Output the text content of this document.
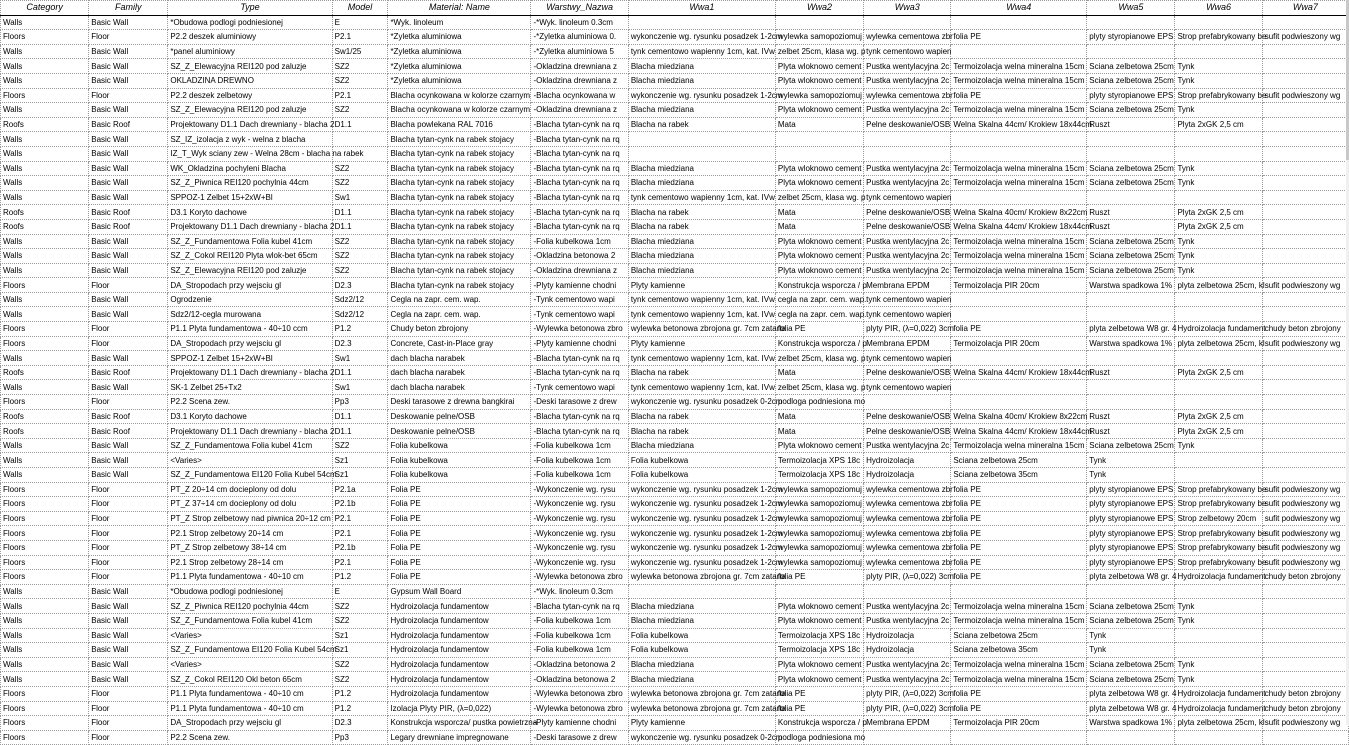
Category	Family	Type	Model	Material: Name	Warstwy_Nazwa	Wwa1	Wwa2	Wwa3	Wwa4	Wwa5	Wwa6	Wwa7
Walls	Basic Wall	*Obudowa podlogi podniesionej	E	*Wyk. linoleum	-*Wyk. linoleum 0.3cm							
Floors	Floor	P2.2 deszek aluminiowy	P2.1	*Zyletka aluminiowa	-*Zyletka aluminiowa 0.	wykonczenie wg. rysunku posadzek 1-2cm	wylewka samopoziomuj	wylewka cementowa zbr	folia PE	plyty styropianowe EPS	Strop prefabrykowany be	sufit podwieszony wg
Walls	Basic Wall	*panel aluminiowy	Sw1/25	*Zyletka aluminiowa	-*Zyletka aluminiowa 5	tynk cementowo wapienny 1cm, kat. IVw	zelbet 25cm, klasa wg. p	tynk cementowo wapien				
Walls	Basic Wall	SZ_Z_Elewacyjna REI120 pod zaluzje	SZ2	*Zyletka aluminiowa	-Okladzina drewniana z	Blacha miedziana	Plyta wloknowo cement	Pustka wentylacyjna 2c	Termoizolacja welna mineralna 15cm	Sciana zelbetowa 25cm	Tynk	
Walls	Basic Wall	OKLADZINA DREWNO	SZ2	*Zyletka aluminiowa	-Okladzina drewniana z	Blacha miedziana	Plyta wloknowo cement	Pustka wentylacyjna 2c	Termoizolacja welna mineralna 15cm	Sciana zelbetowa 25cm	Tynk	
Floors	Floor	P2.2 deszek zelbetowy	P2.1	Blacha ocynkowana w kolorze czarnym	-Blacha ocynkowana w	wykonczenie wg. rysunku posadzek 1-2cm	wylewka samopoziomuj	wylewka cementowa zbr	folia PE	plyty styropianowe EPS	Strop prefabrykowany be	sufit podwieszony wg
Walls	Basic Wall	SZ_Z_Elewacyjna REI120 pod zaluzje	SZ2	Blacha ocynkowana w kolorze czarnym	-Okladzina drewniana z	Blacha miedziana	Plyta wloknowo cement	Pustka wentylacyjna 2c	Termoizolacja welna mineralna 15cm	Sciana zelbetowa 25cm	Tynk	
Roofs	Basic Roof	Projektowany D1.1 Dach drewniany - blacha 2	D1.1	Blacha powlekana RAL 7016	-Blacha tytan-cynk na rq	Blacha na rabek	Mata	Pelne deskowanie/OSB	Welna Skalna 44cm/ Krokiew 18x44cm	Ruszt	Plyta 2xGK 2,5 cm	
Walls	Basic Wall	SZ_IZ_izolacja z wyk - welna z blacha		Blacha tytan-cynk na rabek stojacy	-Blacha tytan-cynk na rq							
Walls	Basic Wall	IZ_T_Wyk sciany zew - Welna 28cm - blacha na rabek		Blacha tytan-cynk na rabek stojacy	-Blacha tytan-cynk na rq							
Walls	Basic Wall	WK_Okladzina pochyleni Blacha	SZ2	Blacha tytan-cynk na rabek stojacy	-Blacha tytan-cynk na rq	Blacha miedziana	Plyta wloknowo cement	Pustka wentylacyjna 2c	Termoizolacja welna mineralna 15cm	Sciana zelbetowa 25cm	Tynk	
Walls	Basic Wall	SZ_Z_Piwnica REI120 pochylnia 44cm	SZ2	Blacha tytan-cynk na rabek stojacy	-Blacha tytan-cynk na rq	Blacha miedziana	Plyta wloknowo cement	Pustka wentylacyjna 2c	Termoizolacja welna mineralna 15cm	Sciana zelbetowa 25cm	Tynk	
Walls	Basic Wall	SPPOZ-1 Zelbet 15+2xW+Bl	Sw1	Blacha tytan-cynk na rabek stojacy	-Blacha tytan-cynk na rq	tynk cementowo wapienny 1cm, kat. IVw	zelbet 25cm, klasa wg. p	tynk cementowo wapien				
Roofs	Basic Roof	D3.1 Koryto dachowe	D1.1	Blacha tytan-cynk na rabek stojacy	-Blacha tytan-cynk na rq	Blacha na rabek	Mata	Pelne deskowanie/OSB	Welna Skalna 40cm/ Krokiew 8x22cm	Ruszt	Plyta 2xGK 2,5 cm	
Roofs	Basic Roof	Projektowany D1.1 Dach drewniany - blacha 2	D1.1	Blacha tytan-cynk na rabek stojacy	-Blacha tytan-cynk na rq	Blacha na rabek	Mata	Pelne deskowanie/OSB	Welna Skalna 44cm/ Krokiew 18x44cm	Ruszt	Plyta 2xGK 2,5 cm	
Walls	Basic Wall	SZ_Z_Fundamentowa Folia kubel 41cm	SZ2	Blacha tytan-cynk na rabek stojacy	-Folia kubelkowa 1cm	Blacha miedziana	Plyta wloknowo cement	Pustka wentylacyjna 2c	Termoizolacja welna mineralna 15cm	Sciana zelbetowa 25cm	Tynk	
Walls	Basic Wall	SZ_Z_Cokol REI120 Plyta wlok-bet 65cm	SZ2	Blacha tytan-cynk na rabek stojacy	-Okladzina betonowa 2	Blacha miedziana	Plyta wloknowo cement	Pustka wentylacyjna 2c	Termoizolacja welna mineralna 15cm	Sciana zelbetowa 25cm	Tynk	
Walls	Basic Wall	SZ_Z_Elewacyjna REI120 pod zaluzje	SZ2	Blacha tytan-cynk na rabek stojacy	-Okladzina drewniana z	Blacha miedziana	Plyta wloknowo cement	Pustka wentylacyjna 2c	Termoizolacja welna mineralna 15cm	Sciana zelbetowa 25cm	Tynk	
Floors	Floor	DA_Stropodach przy wejsciu gl	D2.3	Blacha tytan-cynk na rabek stojacy	-Plyty kamienne chodni	Plyty kamienne	Konstrukcja wsporcza / p	Membrana EPDM	Termoizolacja PIR 20cm	Warstwa spadkowa 1%	plyta zelbetowa 25cm, kl	sufit podwieszony wg
Walls	Basic Wall	Ogrodzenie	Sdz2/12	Cegla na zapr. cem. wap.	-Tynk cementowo wapi	tynk cementowo wapienny 1cm, kat. IVw	cegla na zapr. cem. wap.	tynk cementowo wapien				
Walls	Basic Wall	Sdz2/12-cegla murowana	Sdz2/12	Cegla na zapr. cem. wap.	-Tynk cementowo wapi	tynk cementowo wapienny 1cm, kat. IVw	cegla na zapr. cem. wap.	tynk cementowo wapien				
Floors	Floor	P1.1 Plyta fundamentowa - 40÷10 ccm	P1.2	Chudy beton zbrojony	-Wylewka betonowa zbro	wylewka betonowa zbrojona gr. 7cm zatarta	folia PE	plyty PIR, (λ=0,022) 3cm	folia PE	plyta zelbetowa W8 gr. 4	Hydroizolacja fundament	chudy beton zbrojony
Floors	Floor	DA_Stropodach przy wejsciu gl	D2.3	Concrete, Cast-in-Place gray	-Plyty kamienne chodni	Plyty kamienne	Konstrukcja wsporcza / p	Membrana EPDM	Termoizolacja PIR 20cm	Warstwa spadkowa 1%	plyta zelbetowa 25cm, kl	sufit podwieszony wg
Walls	Basic Wall	SPPOZ-1 Zelbet 15+2xW+Bl	Sw1	dach blacha narabek	-Blacha tytan-cynk na rq	tynk cementowo wapienny 1cm, kat. IVw	zelbet 25cm, klasa wg. p	tynk cementowo wapien				
Roofs	Basic Roof	Projektowany D1.1 Dach drewniany - blacha 2	D1.1	dach blacha narabek	-Blacha tytan-cynk na rq	Blacha na rabek	Mata	Pelne deskowanie/OSB	Welna Skalna 44cm/ Krokiew 18x44cm	Ruszt	Plyta 2xGK 2,5 cm	
Walls	Basic Wall	SK-1 Zelbet 25+Tx2	Sw1	dach blacha narabek	-Tynk cementowo wapi	tynk cementowo wapienny 1cm, kat. IVw	zelbet 25cm, klasa wg. p	tynk cementowo wapien				
Floors	Floor	P2.2 Scena zew.	Pp3	Deski tarasowe z drewna bangkirai	-Deski tarasowe z drew	wykonczenie wg. rysunku posadzek 0-2cm	podloga podniesiona mo					
Roofs	Basic Roof	D3.1 Koryto dachowe	D1.1	Deskowanie pelne/OSB	-Blacha tytan-cynk na rq	Blacha na rabek	Mata	Pelne deskowanie/OSB	Welna Skalna 40cm/ Krokiew 8x22cm	Ruszt	Plyta 2xGK 2,5 cm	
Roofs	Basic Roof	Projektowany D1.1 Dach drewniany - blacha 2	D1.1	Deskowanie pelne/OSB	-Blacha tytan-cynk na rq	Blacha na rabek	Mata	Pelne deskowanie/OSB	Welna Skalna 44cm/ Krokiew 18x44cm	Ruszt	Plyta 2xGK 2,5 cm	
Walls	Basic Wall	SZ_Z_Fundamentowa Folia kubel 41cm	SZ2	Folia kubelkowa	-Folia kubelkowa 1cm	Blacha miedziana	Plyta wloknowo cement	Pustka wentylacyjna 2c	Termoizolacja welna mineralna 15cm	Sciana zelbetowa 25cm	Tynk	
Walls	Basic Wall	<Varies>	Sz1	Folia kubelkowa	-Folia kubelkowa 1cm	Folia kubelkowa	Termoizolacja XPS 18c	Hydroizolacja	Sciana zelbetowa 25cm	Tynk		
Walls	Basic Wall	SZ_Z_Fundamentowa EI120 Folia Kubel 54cm	Sz1	Folia kubelkowa	-Folia kubelkowa 1cm	Folia kubelkowa	Termoizolacja XPS 18c	Hydroizolacja	Sciana zelbetowa 35cm	Tynk		
Floors	Floor	PT_Z 20÷14 cm docieplony od dolu	P2.1a	Folia PE	-Wykonczenie wg. rysu	wykonczenie wg. rysunku posadzek 1-2cm	wylewka samopoziomuj	wylewka cementowa zbr	folia PE	plyty styropianowe EPS	Strop prefabrykowany be	sufit podwieszony wg
Floors	Floor	PT_Z 37÷14 cm docieplony od dolu	P2.1b	Folia PE	-Wykonczenie wg. rysu	wykonczenie wg. rysunku posadzek 1-2cm	wylewka samopoziomuj	wylewka cementowa zbr	folia PE	plyty styropianowe EPS	Strop prefabrykowany be	sufit podwieszony wg
Floors	Floor	PT_Z Strop zelbetowy nad piwnica 20÷12 cm	P2.1	Folia PE	-Wykonczenie wg. rysu	wykonczenie wg. rysunku posadzek 1-2cm	wylewka samopoziomuj	wylewka cementowa zbr	folia PE	plyty styropianowe EPS	Strop zelbetowy 20cm	sufit podwieszony wg
Floors	Floor	P2.1 Strop zelbetowy 20÷14 cm	P2.1	Folia PE	-Wykonczenie wg. rysu	wykonczenie wg. rysunku posadzek 1-2cm	wylewka samopoziomuj	wylewka cementowa zbr	folia PE	plyty styropianowe EPS	Strop prefabrykowany be	sufit podwieszony wg
Floors	Floor	PT_Z Strop zelbetowy 38÷14 cm	P2.1b	Folia PE	-Wykonczenie wg. rysu	wykonczenie wg. rysunku posadzek 1-2cm	wylewka samopoziomuj	wylewka cementowa zbr	folia PE	plyty styropianowe EPS	Strop prefabrykowany be	sufit podwieszony wg
Floors	Floor	P2.1 Strop zelbetowy 28÷14 cm	P2.1	Folia PE	-Wykonczenie wg. rysu	wykonczenie wg. rysunku posadzek 1-2cm	wylewka samopoziomuj	wylewka cementowa zbr	folia PE	plyty styropianowe EPS	Strop prefabrykowany be	sufit podwieszony wg
Floors	Floor	P1.1 Plyta fundamentowa - 40÷10 cm	P1.2	Folia PE	-Wylewka betonowa zbro	wylewka betonowa zbrojona gr. 7cm zatarta	folia PE	plyty PIR, (λ=0,022) 3cm	folia PE	plyta zelbetowa W8 gr. 4	Hydroizolacja fundament	chudy beton zbrojony
Walls	Basic Wall	*Obudowa podlogi podniesionej	E	Gypsum Wall Board	-*Wyk. linoleum 0.3cm							
Walls	Basic Wall	SZ_Z_Piwnica REI120 pochylnia 44cm	SZ2	Hydroizolacja fundamentow	-Blacha tytan-cynk na rq	Blacha miedziana	Plyta wloknowo cement	Pustka wentylacyjna 2c	Termoizolacja welna mineralna 15cm	Sciana zelbetowa 25cm	Tynk	
Walls	Basic Wall	SZ_Z_Fundamentowa Folia kubel 41cm	SZ2	Hydroizolacja fundamentow	-Folia kubelkowa 1cm	Blacha miedziana	Plyta wloknowo cement	Pustka wentylacyjna 2c	Termoizolacja welna mineralna 15cm	Sciana zelbetowa 25cm	Tynk	
Walls	Basic Wall	<Varies>	Sz1	Hydroizolacja fundamentow	-Folia kubelkowa 1cm	Folia kubelkowa	Termoizolacja XPS 18c	Hydroizolacja	Sciana zelbetowa 25cm	Tynk		
Walls	Basic Wall	SZ_Z_Fundamentowa EI120 Folia Kubel 54cm	Sz1	Hydroizolacja fundamentow	-Folia kubelkowa 1cm	Folia kubelkowa	Termoizolacja XPS 18c	Hydroizolacja	Sciana zelbetowa 35cm	Tynk		
Walls	Basic Wall	<Varies>	SZ2	Hydroizolacja fundamentow	-Okladzina betonowa 2	Blacha miedziana	Plyta wloknowo cement	Pustka wentylacyjna 2c	Termoizolacja welna mineralna 15cm	Sciana zelbetowa 25cm	Tynk	
Walls	Basic Wall	SZ_Z_Cokol REI120 Okl beton 65cm	SZ2	Hydroizolacja fundamentow	-Okladzina betonowa 2	Blacha miedziana	Plyta wloknowo cement	Pustka wentylacyjna 2c	Termoizolacja welna mineralna 15cm	Sciana zelbetowa 25cm	Tynk	
Floors	Floor	P1.1 Plyta fundamentowa - 40÷10 cm	P1.2	Hydroizolacja fundamentow	-Wylewka betonowa zbro	wylewka betonowa zbrojona gr. 7cm zatarta	folia PE	plyty PIR, (λ=0,022) 3cm	folia PE	plyta zelbetowa W8 gr. 4	Hydroizolacja fundament	chudy beton zbrojony
Floors	Floor	P1.1 Plyta fundamentowa - 40÷10 cm	P1.2	Izolacja Plyty PIR, (λ=0,022)	-Wylewka betonowa zbro	wylewka betonowa zbrojona gr. 7cm zatarta	folia PE	plyty PIR, (λ=0,022) 3cm	folia PE	plyta zelbetowa W8 gr. 4	Hydroizolacja fundament	chudy beton zbrojony
Floors	Floor	DA_Stropodach przy wejsciu gl	D2.3	Konstrukcja wsporcza/ pustka powietrzna	-Plyty kamienne chodni	Plyty kamienne	Konstrukcja wsporcza / p	Membrana EPDM	Termoizolacja PIR 20cm	Warstwa spadkowa 1%	plyta zelbetowa 25cm, kl	sufit podwieszony wg
Floors	Floor	P2.2 Scena zew.	Pp3	Legary drewniane impregnowane	-Deski tarasowe z drew	wykonczenie wg. rysunku posadzek 0-2cm	podloga podniesiona mo					
